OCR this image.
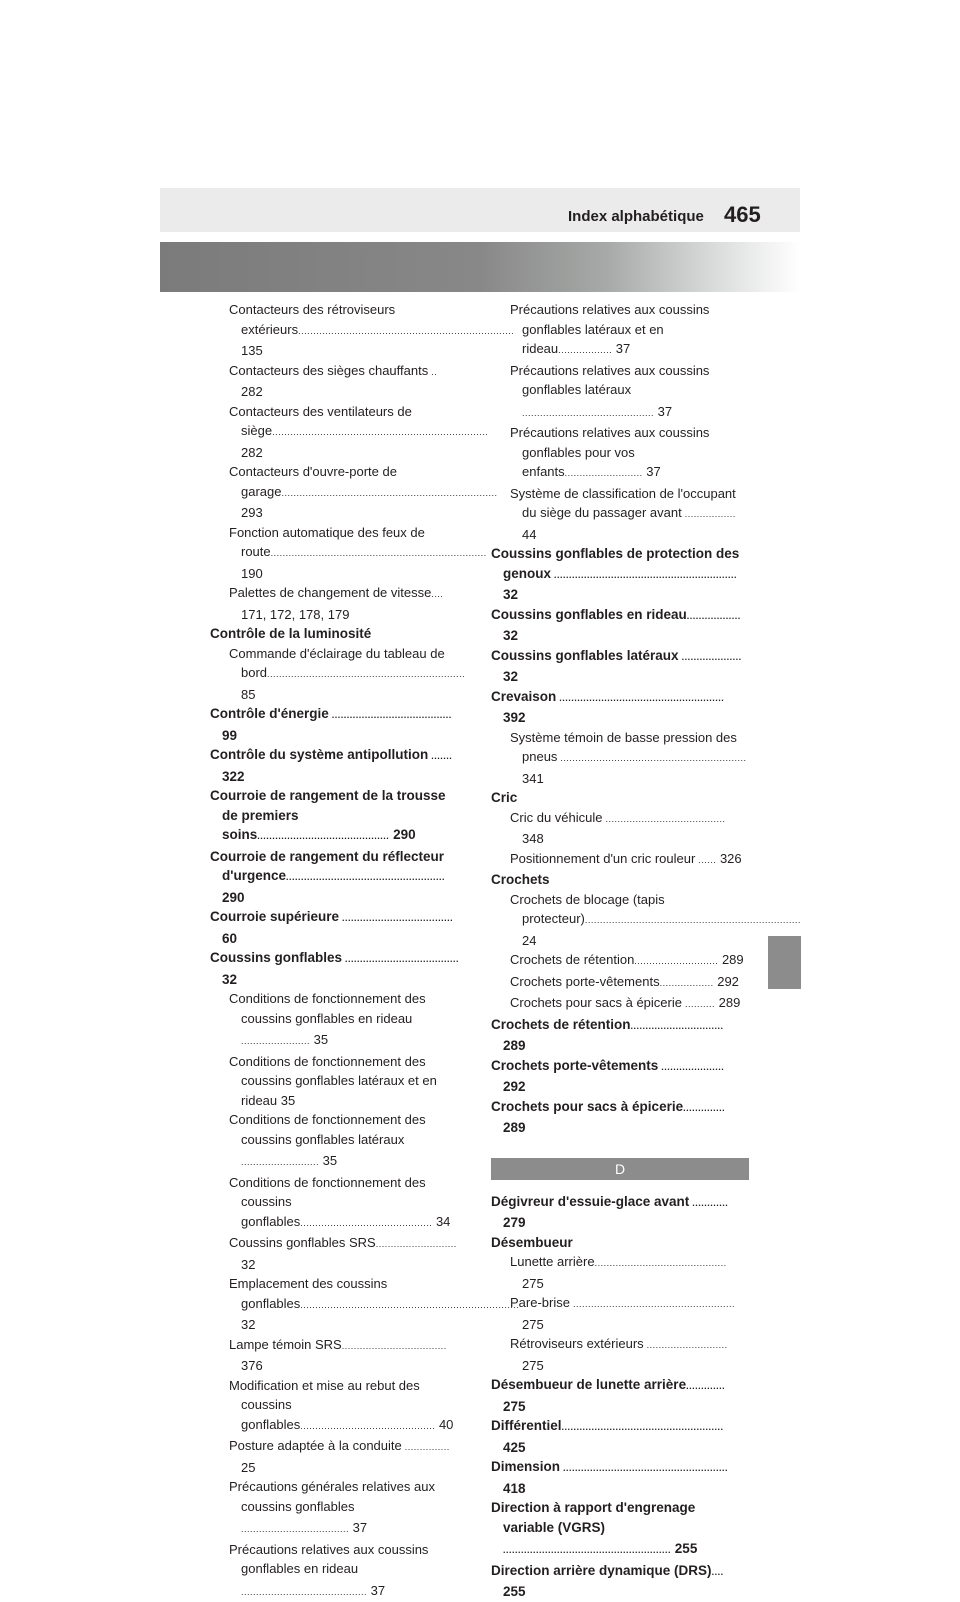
Index alphabétique 465
Contacteurs des rétroviseurs extérieurs........................................................................ 135
Contacteurs des sièges chauffants .. 282
Contacteurs des ventilateurs de siège........................................................................ 282
Contacteurs d'ouvre-porte de garage........................................................................ 293
Fonction automatique des feux de route........................................................................ 190
Palettes de changement de vitesse.... 171, 172, 178, 179
Contrôle de la luminosité
Commande d'éclairage du tableau de bord.................................................................. 85
Contrôle d'énergie ........................................ 99
Contrôle du système antipollution ....... 322
Courroie de rangement de la trousse de premiers soins............................................ 290
Courroie de rangement du réflecteur d'urgence..................................................... 290
Courroie supérieure ..................................... 60
Coussins gonflables ...................................... 32
Conditions de fonctionnement des coussins gonflables en rideau ....................... 35
Conditions de fonctionnement des coussins gonflables latéraux et en rideau 35
Conditions de fonctionnement des coussins gonflables latéraux .......................... 35
Conditions de fonctionnement des coussins gonflables............................................ 34
Coussins gonflables SRS........................... 32
Emplacement des coussins gonflables......................................................................... 32
Lampe témoin SRS................................... 376
Modification et mise au rebut des coussins gonflables............................................. 40
Posture adaptée à la conduite ............... 25
Précautions générales relatives aux coussins gonflables .................................... 37
Précautions relatives aux coussins gonflables en rideau .......................................... 37
Précautions relatives aux coussins gonflables latéraux et en rideau.................. 37
Précautions relatives aux coussins gonflables latéraux ............................................ 37
Précautions relatives aux coussins gonflables pour vos enfants.......................... 37
Système de classification de l'occupant du siège du passager avant ................. 44
Coussins gonflables de protection des genoux ............................................................. 32
Coussins gonflables en rideau.................. 32
Coussins gonflables latéraux .................... 32
Crevaison ....................................................... 392
Système témoin de basse pression des pneus .............................................................. 341
Cric
Cric du véhicule ........................................ 348
Positionnement d'un cric rouleur ...... 326
Crochets
Crochets de blocage (tapis protecteur)........................................................................ 24
Crochets de rétention............................ 289
Crochets porte-vêtements.................. 292
Crochets pour sacs à épicerie .......... 289
Crochets de rétention............................... 289
Crochets porte-vêtements ..................... 292
Crochets pour sacs à épicerie.............. 289
D
Dégivreur d'essuie-glace avant ............ 279
Désembueur
Lunette arrière............................................ 275
Pare-brise ...................................................... 275
Rétroviseurs extérieurs ........................... 275
Désembueur de lunette arrière............. 275
Différentiel...................................................... 425
Dimension ....................................................... 418
Direction à rapport d'engrenage variable (VGRS) ........................................................ 255
Direction arrière dynamique (DRS).... 255
